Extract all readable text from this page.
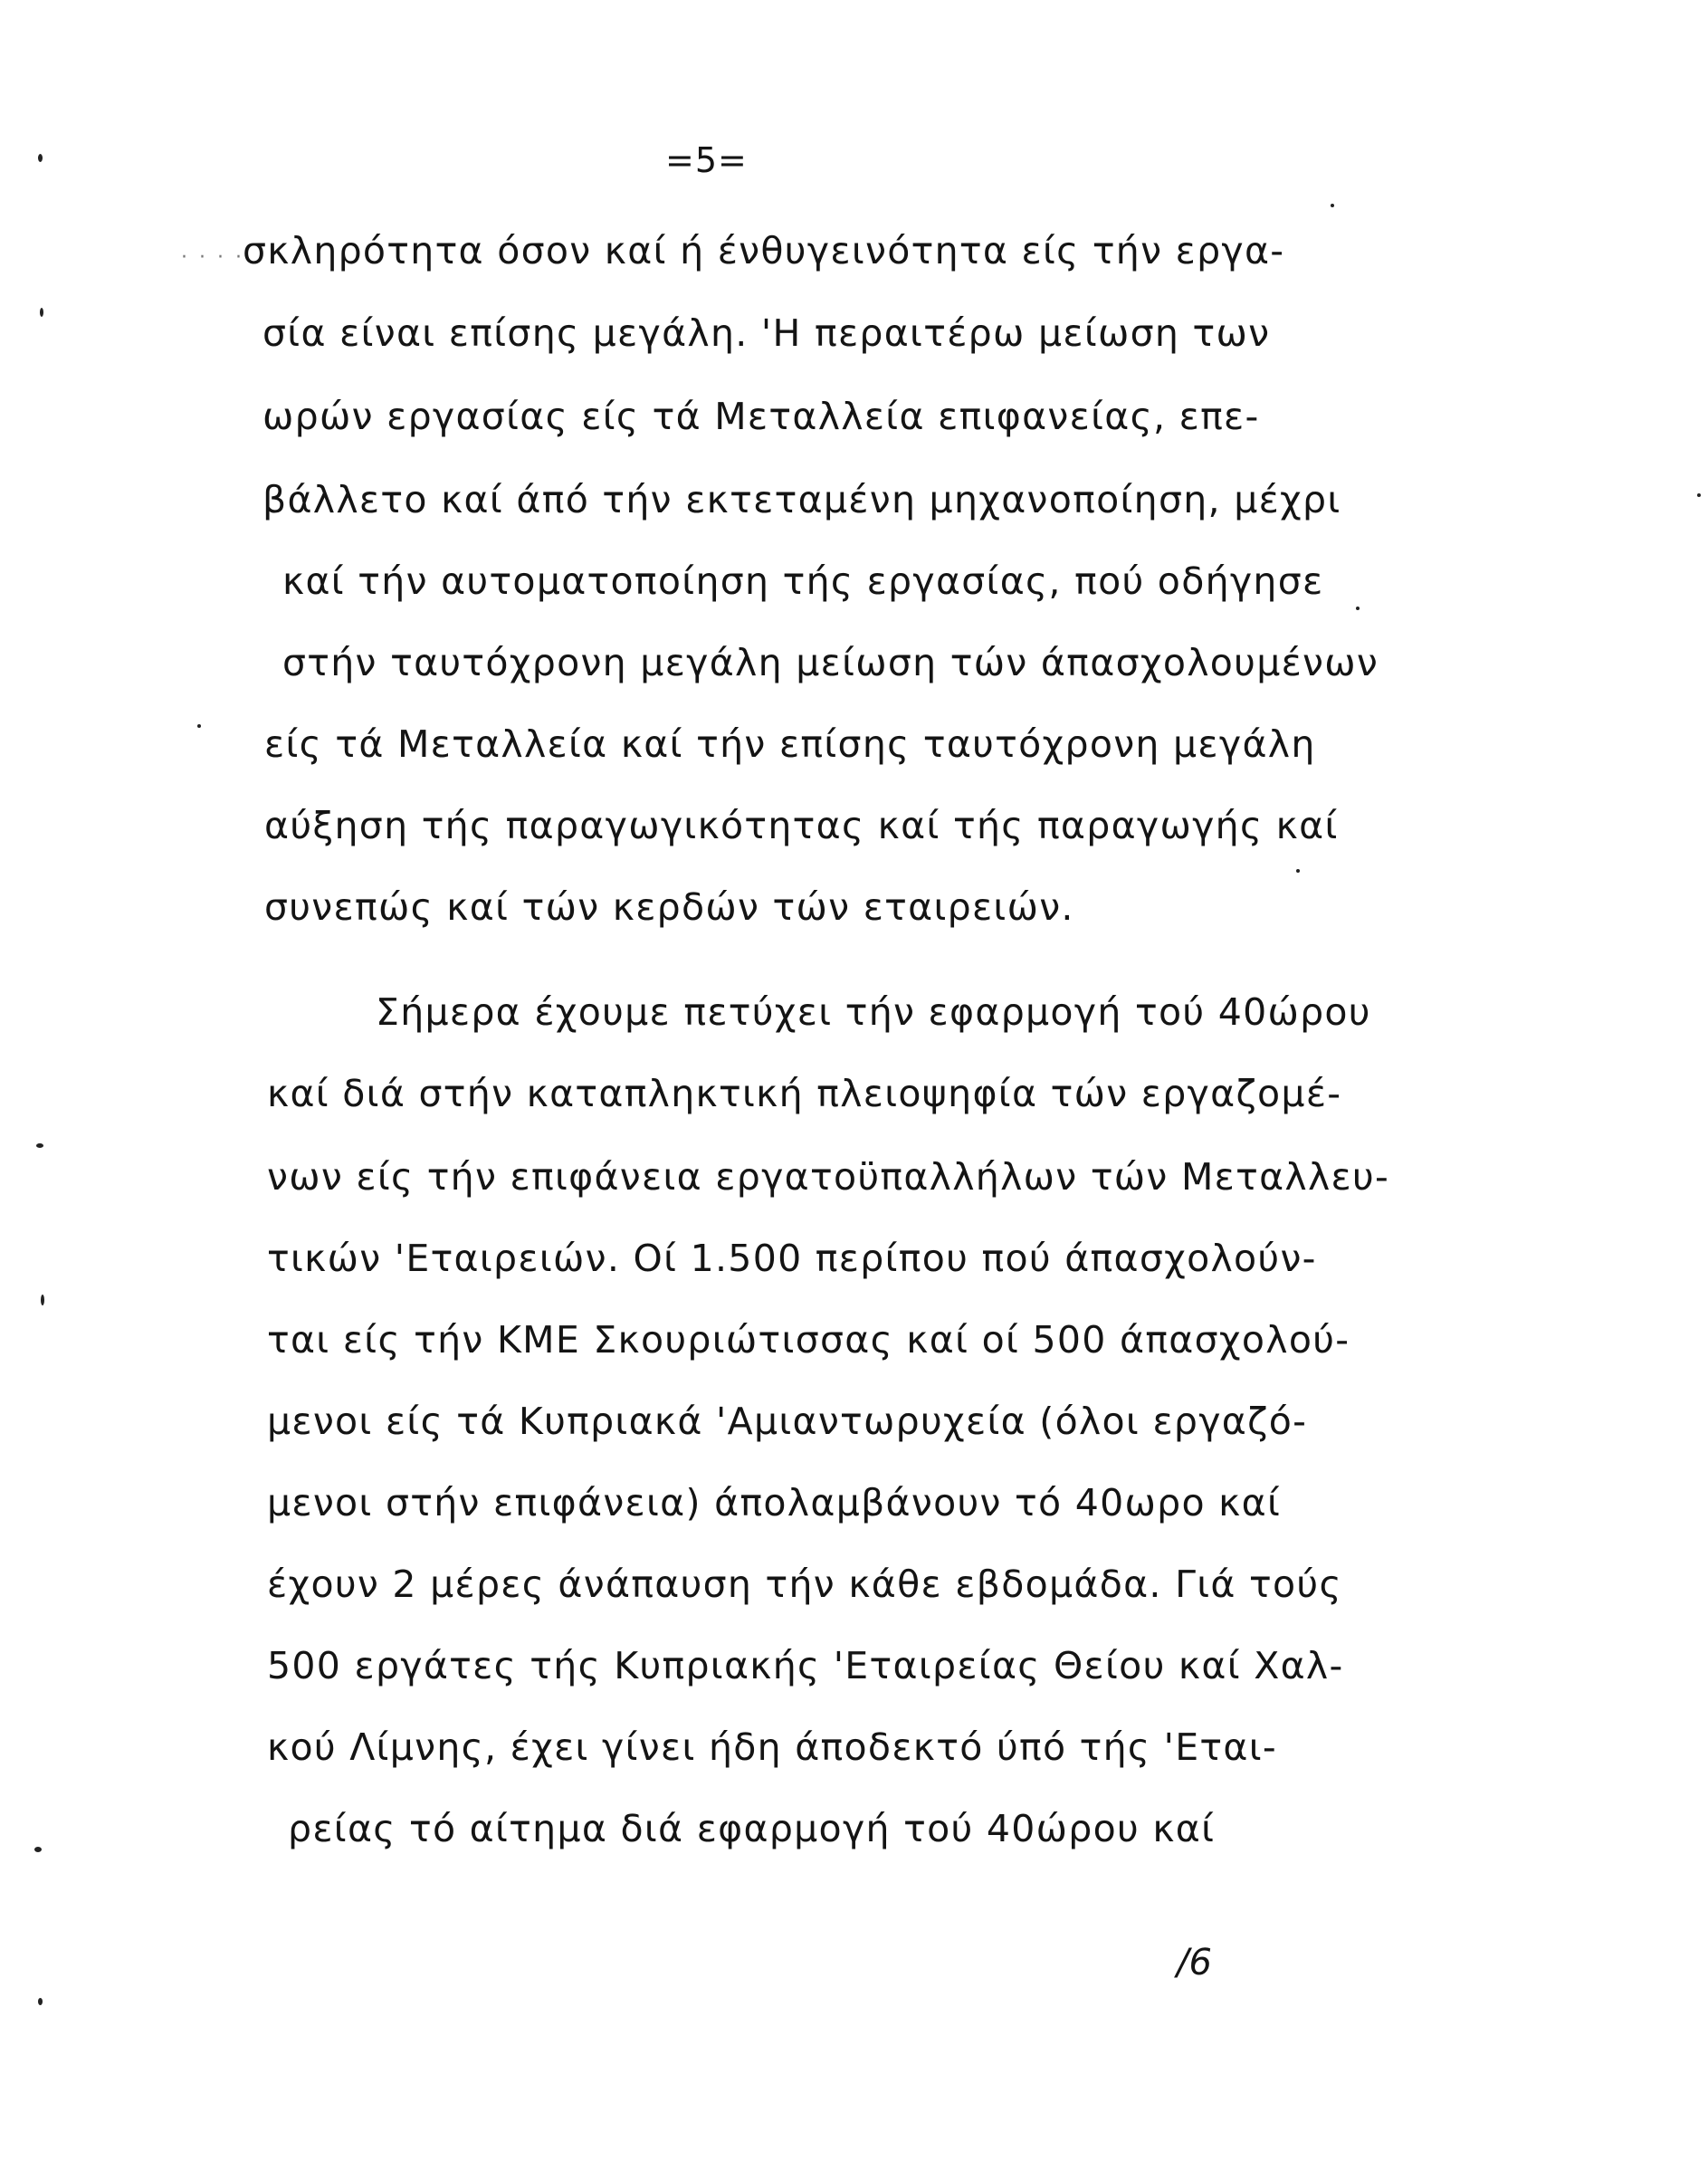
=5=
· · · ·
σκληρότητα όσον καί ή ένθυγεινότητα είς τήν εργα-
σία είναι επίσης μεγάλη. 'Η περαιτέρω μείωση των
ωρών εργασίας είς τά Μεταλλεία επιφανείας, επε-
βάλλετο καί άπό τήν εκτεταμένη μηχανοποίηση, μέχρι
καί τήν αυτοματοποίηση τής εργασίας, πού οδήγησε
στήν ταυτόχρονη μεγάλη μείωση τών άπασχολουμένων
είς τά Μεταλλεία καί τήν επίσης ταυτόχρονη μεγάλη
αύξηση τής παραγωγικότητας καί τής παραγωγής καί
συνεπώς καί τών κερδών τών εταιρειών.
Σήμερα έχουμε πετύχει τήν εφαρμογή τού 40ώρου
καί διά στήν καταπληκτική πλειοψηφία τών εργαζομέ-
νων είς τήν επιφάνεια εργατοϋπαλλήλων τών Μεταλλευ-
τικών 'Εταιρειών. Οί 1.500 περίπου πού άπασχολούν-
ται είς τήν ΚΜΕ Σκουριώτισσας καί οί 500 άπασχολού-
μενοι είς τά Κυπριακά 'Αμιαντωρυχεία (όλοι εργαζό-
μενοι στήν επιφάνεια) άπολαμβάνουν τό 40ωρο καί
έχουν 2 μέρες άνάπαυση τήν κάθε εβδομάδα. Γιά τούς
500 εργάτες τής Κυπριακής 'Εταιρείας Θείου καί Χαλ-
κού Λίμνης, έχει γίνει ήδη άποδεκτό ύπό τής 'Εται-
ρείας τό αίτημα διά εφαρμογή τού 40ώρου καί
/6
